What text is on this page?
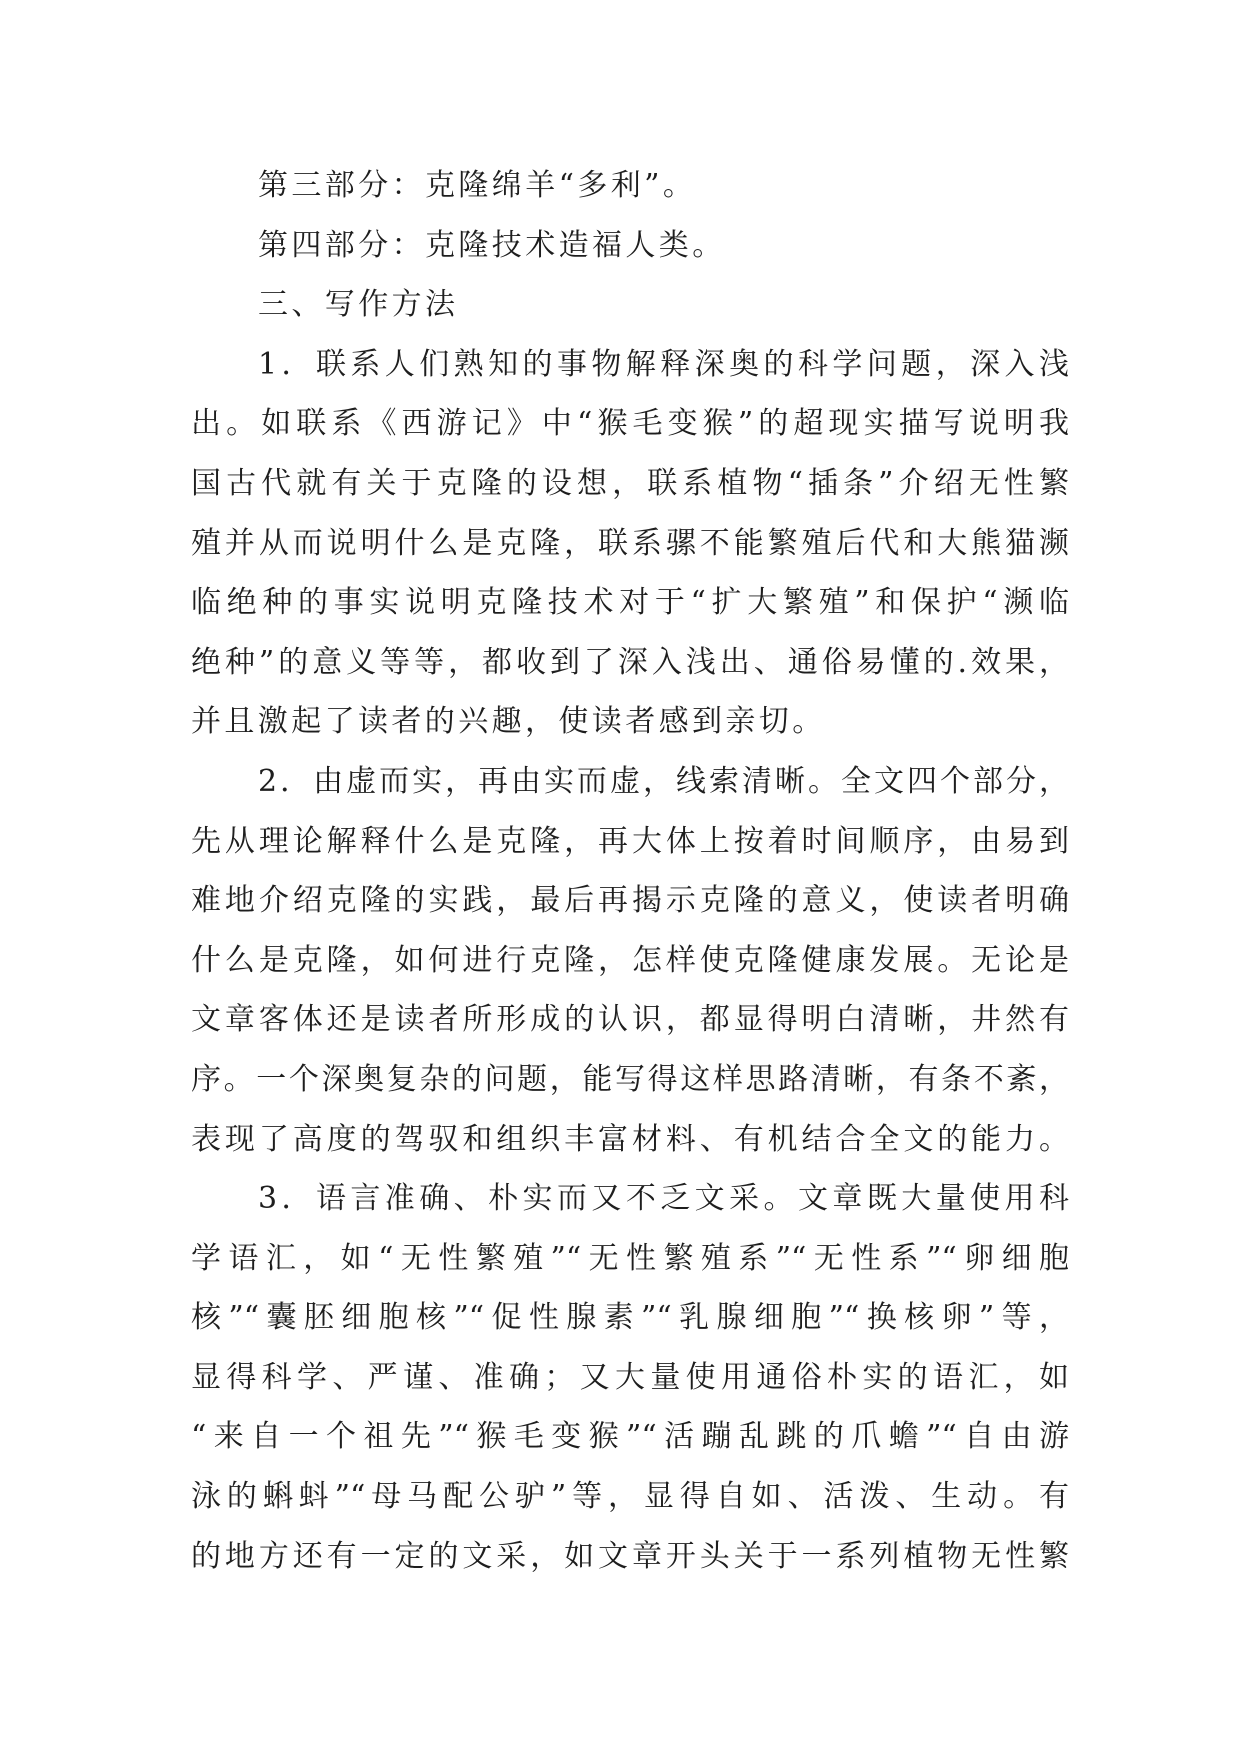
第三部分：克隆绵羊“多利”。
第四部分：克隆技术造福人类。
三、写作方法
1．联系人们熟知的事物解释深奥的科学问题，深入浅
出。如联系《西游记》中“猴毛变猴”的超现实描写说明我
国古代就有关于克隆的设想，联系植物“插条”介绍无性繁
殖并从而说明什么是克隆，联系骡不能繁殖后代和大熊猫濒
临绝种的事实说明克隆技术对于“扩大繁殖”和保护“濒临
绝种”的意义等等，都收到了深入浅出、通俗易懂的.效果，
并且激起了读者的兴趣，使读者感到亲切。
2．由虚而实，再由实而虚，线索清晰。全文四个部分，
先从理论解释什么是克隆，再大体上按着时间顺序，由易到
难地介绍克隆的实践，最后再揭示克隆的意义，使读者明确
什么是克隆，如何进行克隆，怎样使克隆健康发展。无论是
文章客体还是读者所形成的认识，都显得明白清晰，井然有
序。一个深奥复杂的问题，能写得这样思路清晰，有条不紊，
表现了高度的驾驭和组织丰富材料、有机结合全文的能力。
3．语言准确、朴实而又不乏文采。文章既大量使用科
学语汇，如“无性繁殖”“无性繁殖系”“无性系”“卵细胞
核”“囊胚细胞核”“促性腺素”“乳腺细胞”“换核卵”等，
显得科学、严谨、准确；又大量使用通俗朴实的语汇，如
“来自一个祖先”“猴毛变猴”“活蹦乱跳的爪蟾”“自由游
泳的蝌蚪”“母马配公驴”等，显得自如、活泼、生动。有
的地方还有一定的文采，如文章开头关于一系列植物无性繁
